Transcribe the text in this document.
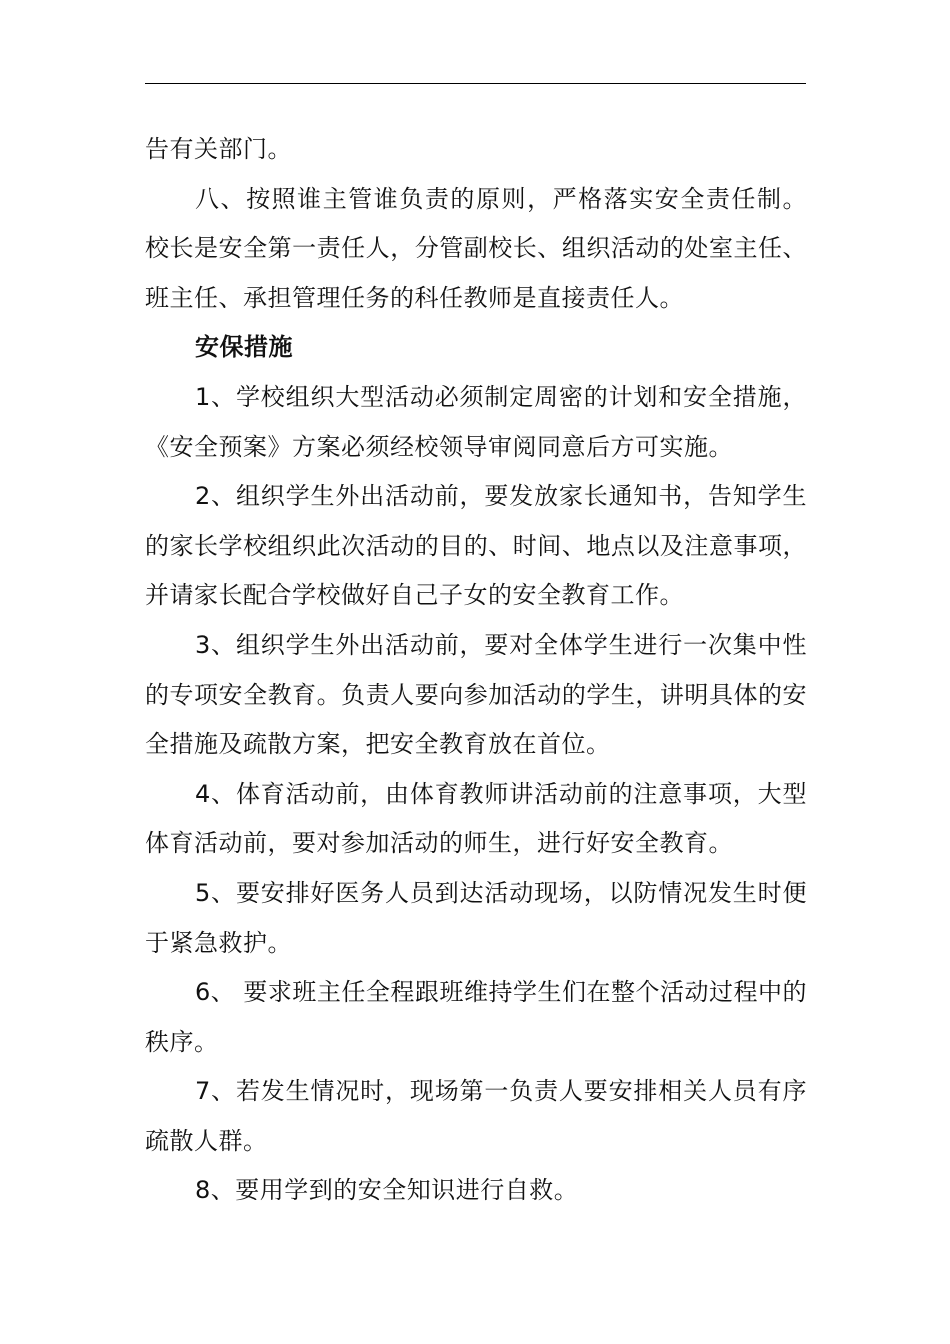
告有关部门。

八、按照谁主管谁负责的原则，严格落实安全责任制。校长是安全第一责任人，分管副校长、组织活动的处室主任、班主任、承担管理任务的科任教师是直接责任人。

安保措施

1、学校组织大型活动必须制定周密的计划和安全措施，《安全预案》方案必须经校领导审阅同意后方可实施。

2、组织学生外出活动前，要发放家长通知书，告知学生的家长学校组织此次活动的目的、时间、地点以及注意事项，并请家长配合学校做好自己子女的安全教育工作。

3、组织学生外出活动前，要对全体学生进行一次集中性的专项安全教育。负责人要向参加活动的学生，讲明具体的安全措施及疏散方案，把安全教育放在首位。

4、体育活动前，由体育教师讲活动前的注意事项，大型体育活动前，要对参加活动的师生，进行好安全教育。

5、要安排好医务人员到达活动现场，以防情况发生时便于紧急救护。

6、 要求班主任全程跟班维持学生们在整个活动过程中的秩序。

7、若发生情况时，现场第一负责人要安排相关人员有序疏散人群。

8、要用学到的安全知识进行自救。
